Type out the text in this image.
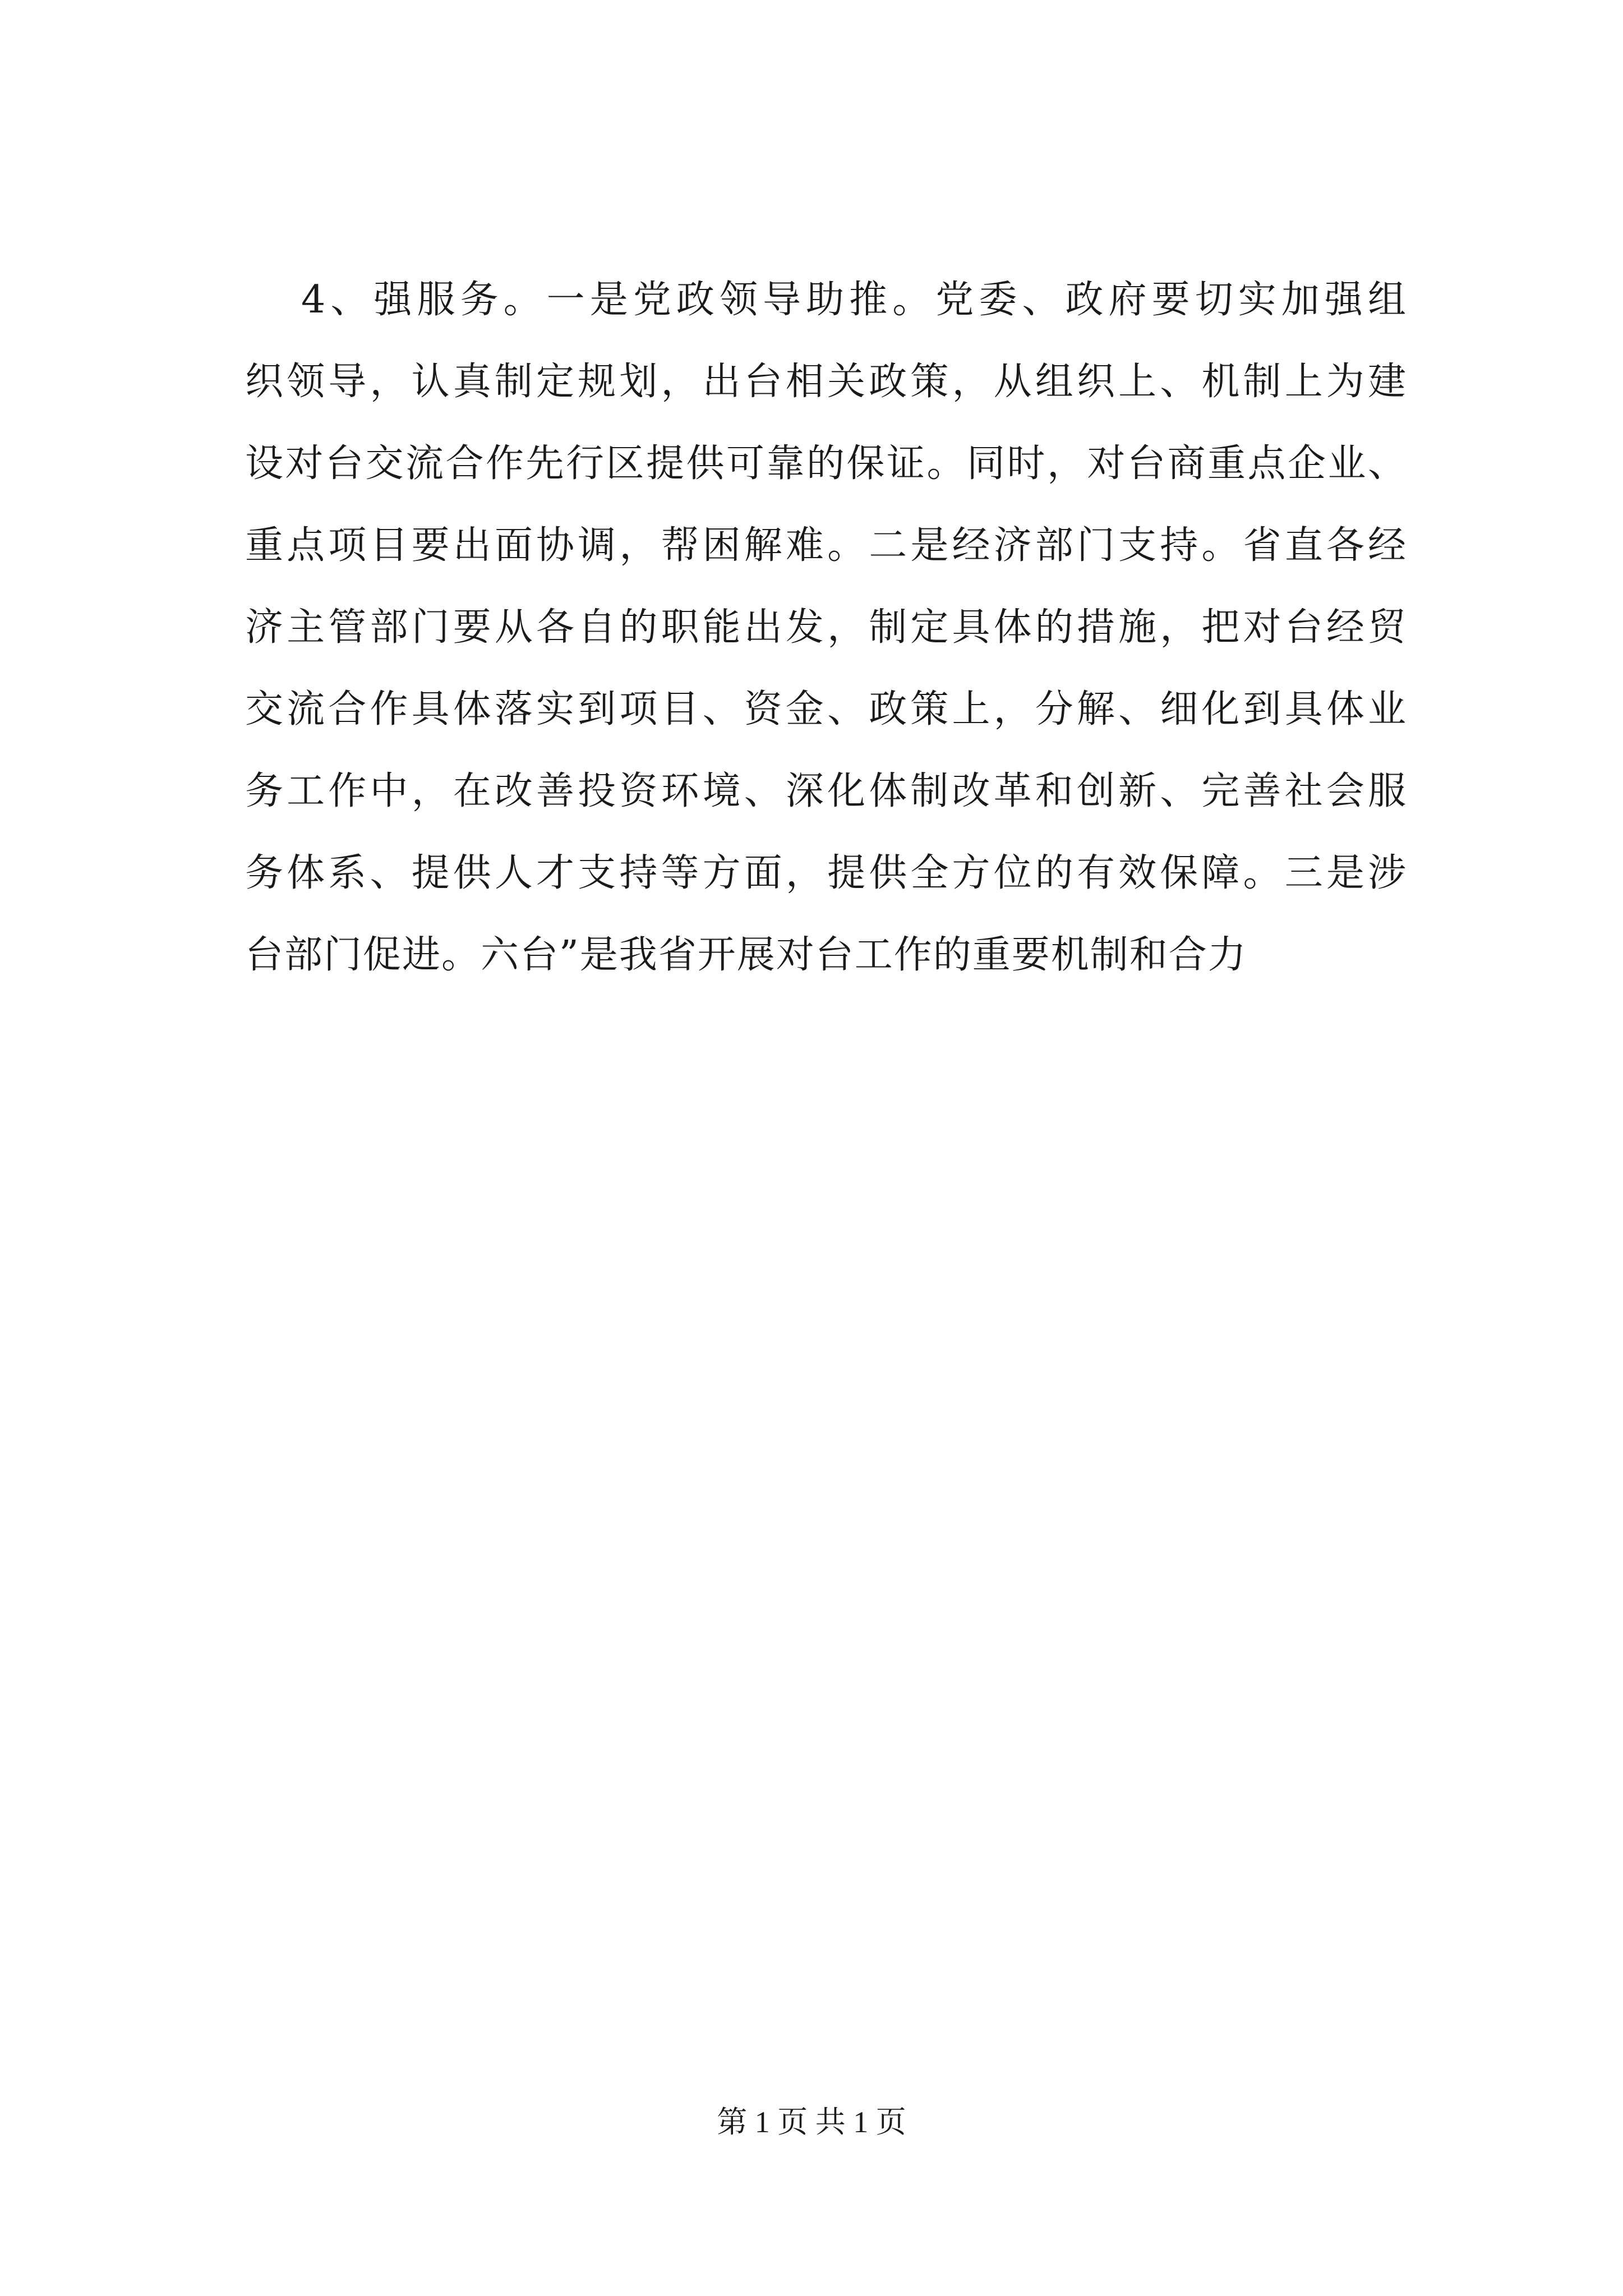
4、强服务。一是党政领导助推。党委、政府要切实加强组
织领导，认真制定规划，出台相关政策，从组织上、机制上为建
设对台交流合作先行区提供可靠的保证。同时，对台商重点企业、
重点项目要出面协调，帮困解难。二是经济部门支持。省直各经
济主管部门要从各自的职能出发，制定具体的措施，把对台经贸
交流合作具体落实到项目、资金、政策上，分解、细化到具体业
务工作中，在改善投资环境、深化体制改革和创新、完善社会服
务体系、提供人才支持等方面，提供全方位的有效保障。三是涉
台部门促进。六台”是我省开展对台工作的重要机制和合力
第 1 页 共 1 页
